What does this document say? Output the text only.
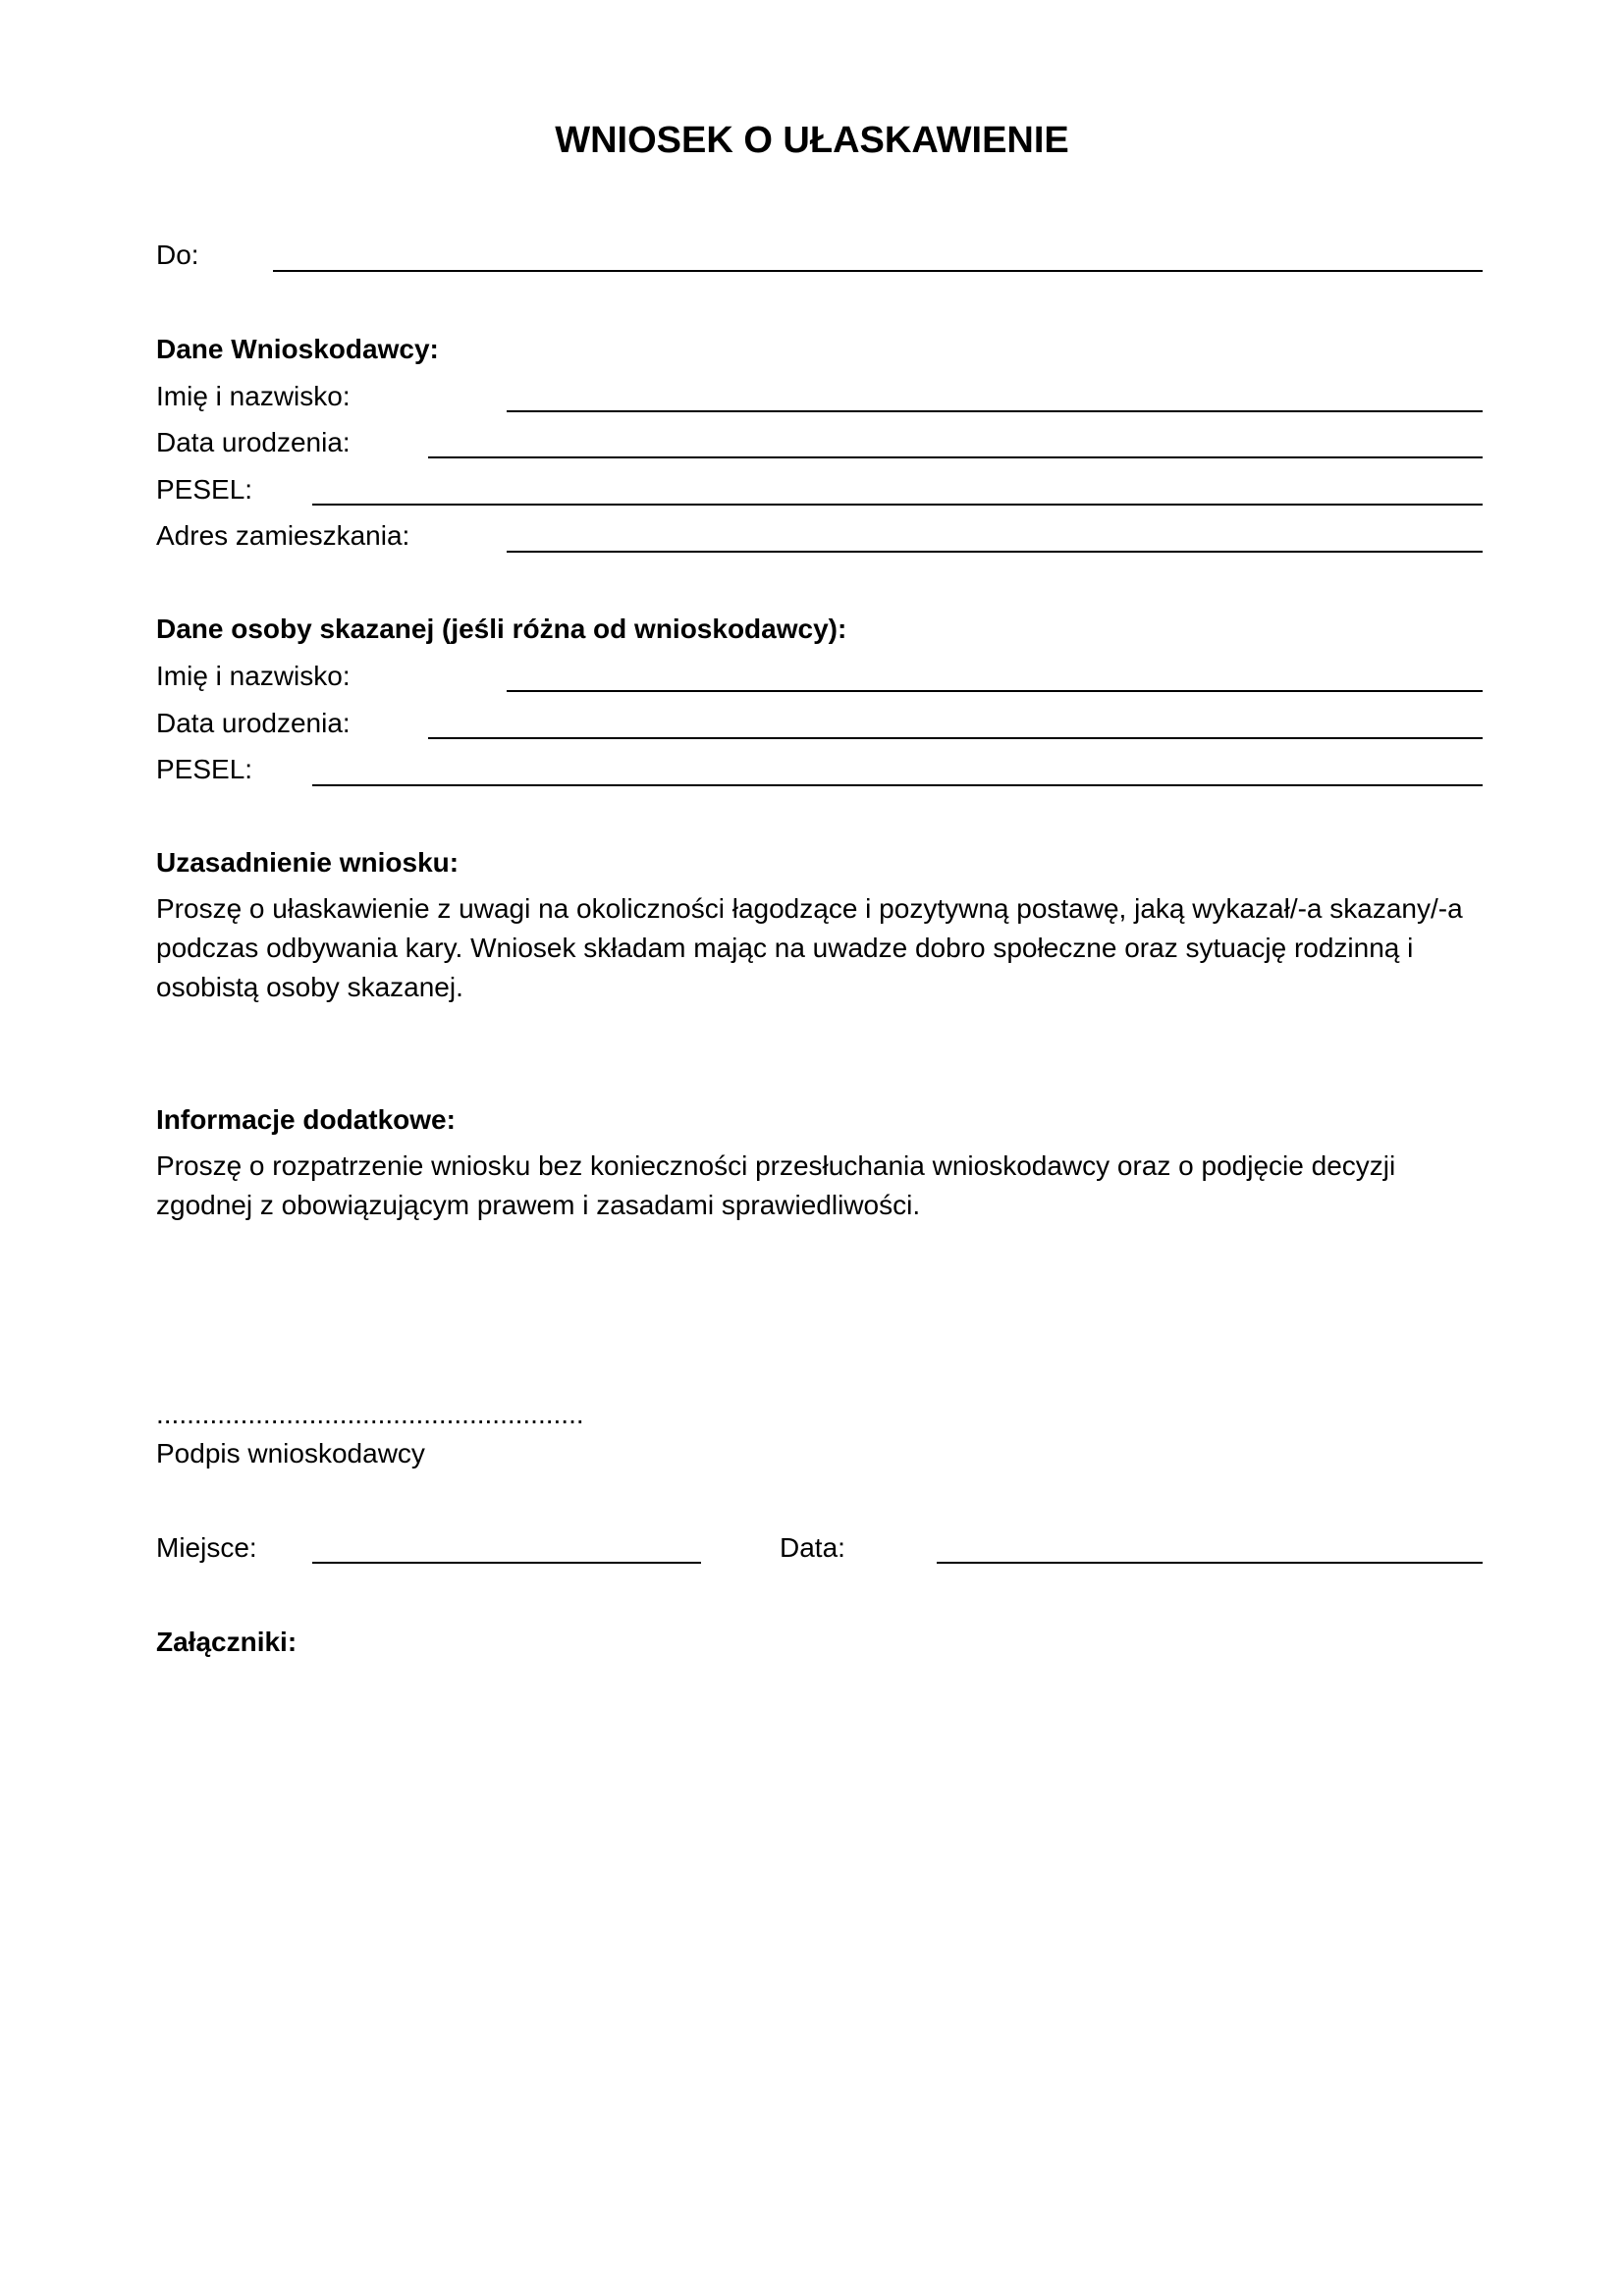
WNIOSEK O UŁASKAWIENIE
Do:
Dane Wnioskodawcy:
Imię i nazwisko:
Data urodzenia:
PESEL:
Adres zamieszkania:
Dane osoby skazanej (jeśli różna od wnioskodawcy):
Imię i nazwisko:
Data urodzenia:
PESEL:
Uzasadnienie wniosku:
Proszę o ułaskawienie z uwagi na okoliczności łagodzące i pozytywną postawę, jaką wykazał/-a skazany/-a podczas odbywania kary. Wniosek składam mając na uwadze dobro społeczne oraz sytuację rodzinną i osobistą osoby skazanej.
Informacje dodatkowe:
Proszę o rozpatrzenie wniosku bez konieczności przesłuchania wnioskodawcy oraz o podjęcie decyzji zgodnej z obowiązującym prawem i zasadami sprawiedliwości.
........................................................
Podpis wnioskodawcy
Miejsce:	Data:
Załączniki:
